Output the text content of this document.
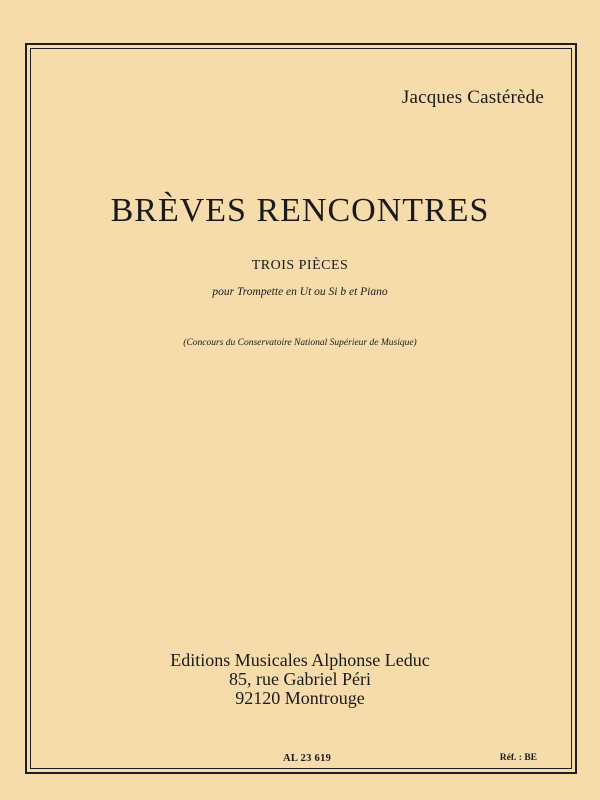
Jacques Castérède
BRÈVES RENCONTRES
TROIS PIÈCES
pour Trompette en Ut ou Si b et Piano
(Concours du Conservatoire National Supérieur de Musique)
Editions Musicales Alphonse Leduc
85, rue Gabriel Péri
92120 Montrouge
AL 23 619	Réf. : BE
